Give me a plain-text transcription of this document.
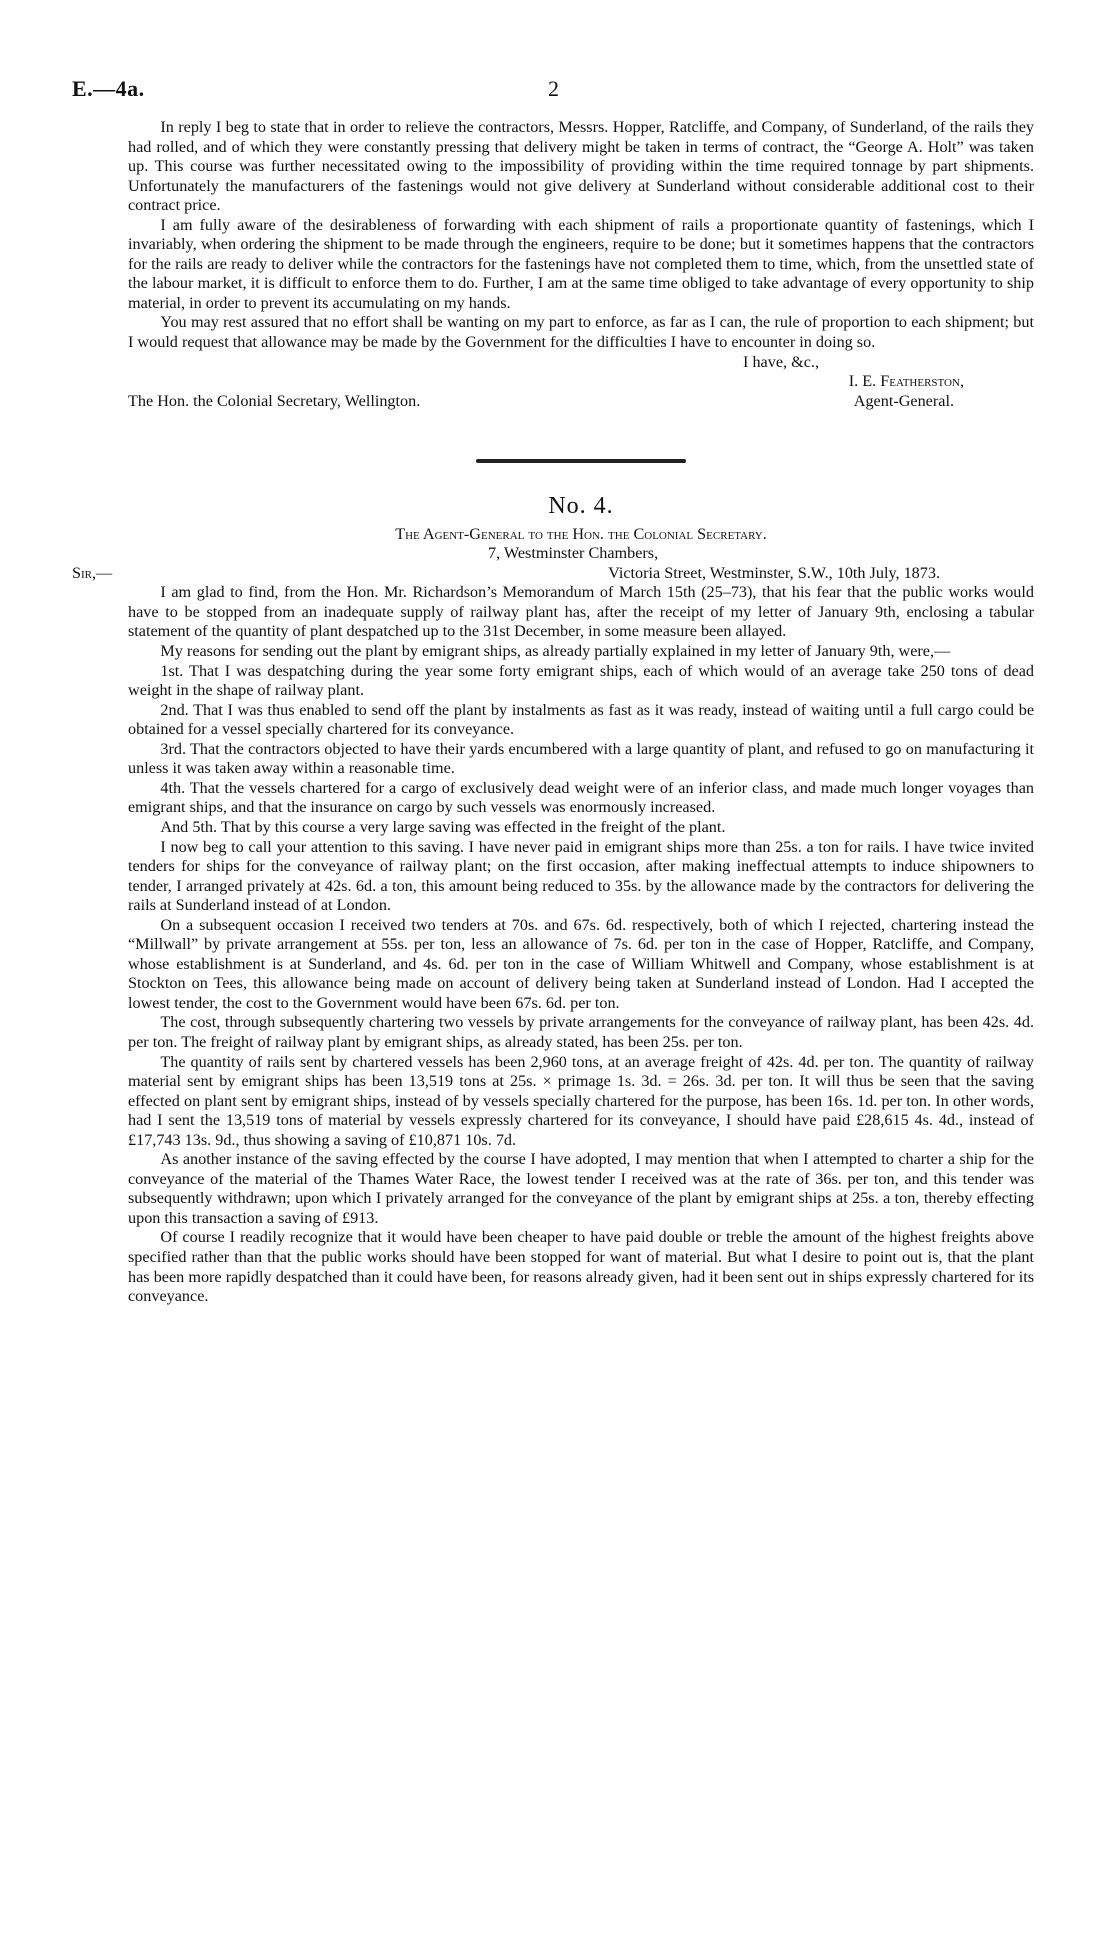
E.—4a.	2

In reply I beg to state that in order to relieve the contractors, Messrs. Hopper, Ratcliffe, and Company, of Sunderland, of the rails they had rolled, and of which they were constantly pressing that delivery might be taken in terms of contract, the “George A. Holt” was taken up. This course was further necessitated owing to the impossibility of providing within the time required tonnage by part shipments. Unfortunately the manufacturers of the fastenings would not give delivery at Sunderland without considerable additional cost to their contract price.

I am fully aware of the desirableness of forwarding with each shipment of rails a proportionate quantity of fastenings, which I invariably, when ordering the shipment to be made through the engineers, require to be done; but it sometimes happens that the contractors for the rails are ready to deliver while the contractors for the fastenings have not completed them to time, which, from the unsettled state of the labour market, it is difficult to enforce them to do. Further, I am at the same time obliged to take advantage of every opportunity to ship material, in order to prevent its accumulating on my hands.

You may rest assured that no effort shall be wanting on my part to enforce, as far as I can, the rule of proportion to each shipment; but I would request that allowance may be made by the Government for the difficulties I have to encounter in doing so.

I have, &c.,
I. E. Featherston,
The Hon. the Colonial Secretary, Wellington.	Agent-General.
No. 4.
The Agent-General to the Hon. the Colonial Secretary.
7, Westminster Chambers,
Sir,—	Victoria Street, Westminster, S.W., 10th July, 1873.

I am glad to find, from the Hon. Mr. Richardson’s Memorandum of March 15th (25–73), that his fear that the public works would have to be stopped from an inadequate supply of railway plant has, after the receipt of my letter of January 9th, enclosing a tabular statement of the quantity of plant despatched up to the 31st December, in some measure been allayed.

My reasons for sending out the plant by emigrant ships, as already partially explained in my letter of January 9th, were,—

1st. That I was despatching during the year some forty emigrant ships, each of which would of an average take 250 tons of dead weight in the shape of railway plant.

2nd. That I was thus enabled to send off the plant by instalments as fast as it was ready, instead of waiting until a full cargo could be obtained for a vessel specially chartered for its conveyance.

3rd. That the contractors objected to have their yards encumbered with a large quantity of plant, and refused to go on manufacturing it unless it was taken away within a reasonable time.

4th. That the vessels chartered for a cargo of exclusively dead weight were of an inferior class, and made much longer voyages than emigrant ships, and that the insurance on cargo by such vessels was enormously increased.

And 5th. That by this course a very large saving was effected in the freight of the plant.

I now beg to call your attention to this saving. I have never paid in emigrant ships more than 25s. a ton for rails. I have twice invited tenders for ships for the conveyance of railway plant; on the first occasion, after making ineffectual attempts to induce shipowners to tender, I arranged privately at 42s. 6d. a ton, this amount being reduced to 35s. by the allowance made by the contractors for delivering the rails at Sunderland instead of at London.

On a subsequent occasion I received two tenders at 70s. and 67s. 6d. respectively, both of which I rejected, chartering instead the “Millwall” by private arrangement at 55s. per ton, less an allowance of 7s. 6d. per ton in the case of Hopper, Ratcliffe, and Company, whose establishment is at Sunderland, and 4s. 6d. per ton in the case of William Whitwell and Company, whose establishment is at Stockton on Tees, this allowance being made on account of delivery being taken at Sunderland instead of London. Had I accepted the lowest tender, the cost to the Government would have been 67s. 6d. per ton.

The cost, through subsequently chartering two vessels by private arrangements for the conveyance of railway plant, has been 42s. 4d. per ton. The freight of railway plant by emigrant ships, as already stated, has been 25s. per ton.

The quantity of rails sent by chartered vessels has been 2,960 tons, at an average freight of 42s. 4d. per ton. The quantity of railway material sent by emigrant ships has been 13,519 tons at 25s. × primage 1s. 3d. = 26s. 3d. per ton. It will thus be seen that the saving effected on plant sent by emigrant ships, instead of by vessels specially chartered for the purpose, has been 16s. 1d. per ton. In other words, had I sent the 13,519 tons of material by vessels expressly chartered for its conveyance, I should have paid £28,615 4s. 4d., instead of £17,743 13s. 9d., thus showing a saving of £10,871 10s. 7d.

As another instance of the saving effected by the course I have adopted, I may mention that when I attempted to charter a ship for the conveyance of the material of the Thames Water Race, the lowest tender I received was at the rate of 36s. per ton, and this tender was subsequently withdrawn; upon which I privately arranged for the conveyance of the plant by emigrant ships at 25s. a ton, thereby effecting upon this transaction a saving of £913.

Of course I readily recognize that it would have been cheaper to have paid double or treble the amount of the highest freights above specified rather than that the public works should have been stopped for want of material. But what I desire to point out is, that the plant has been more rapidly despatched than it could have been, for reasons already given, had it been sent out in ships expressly chartered for its conveyance.
